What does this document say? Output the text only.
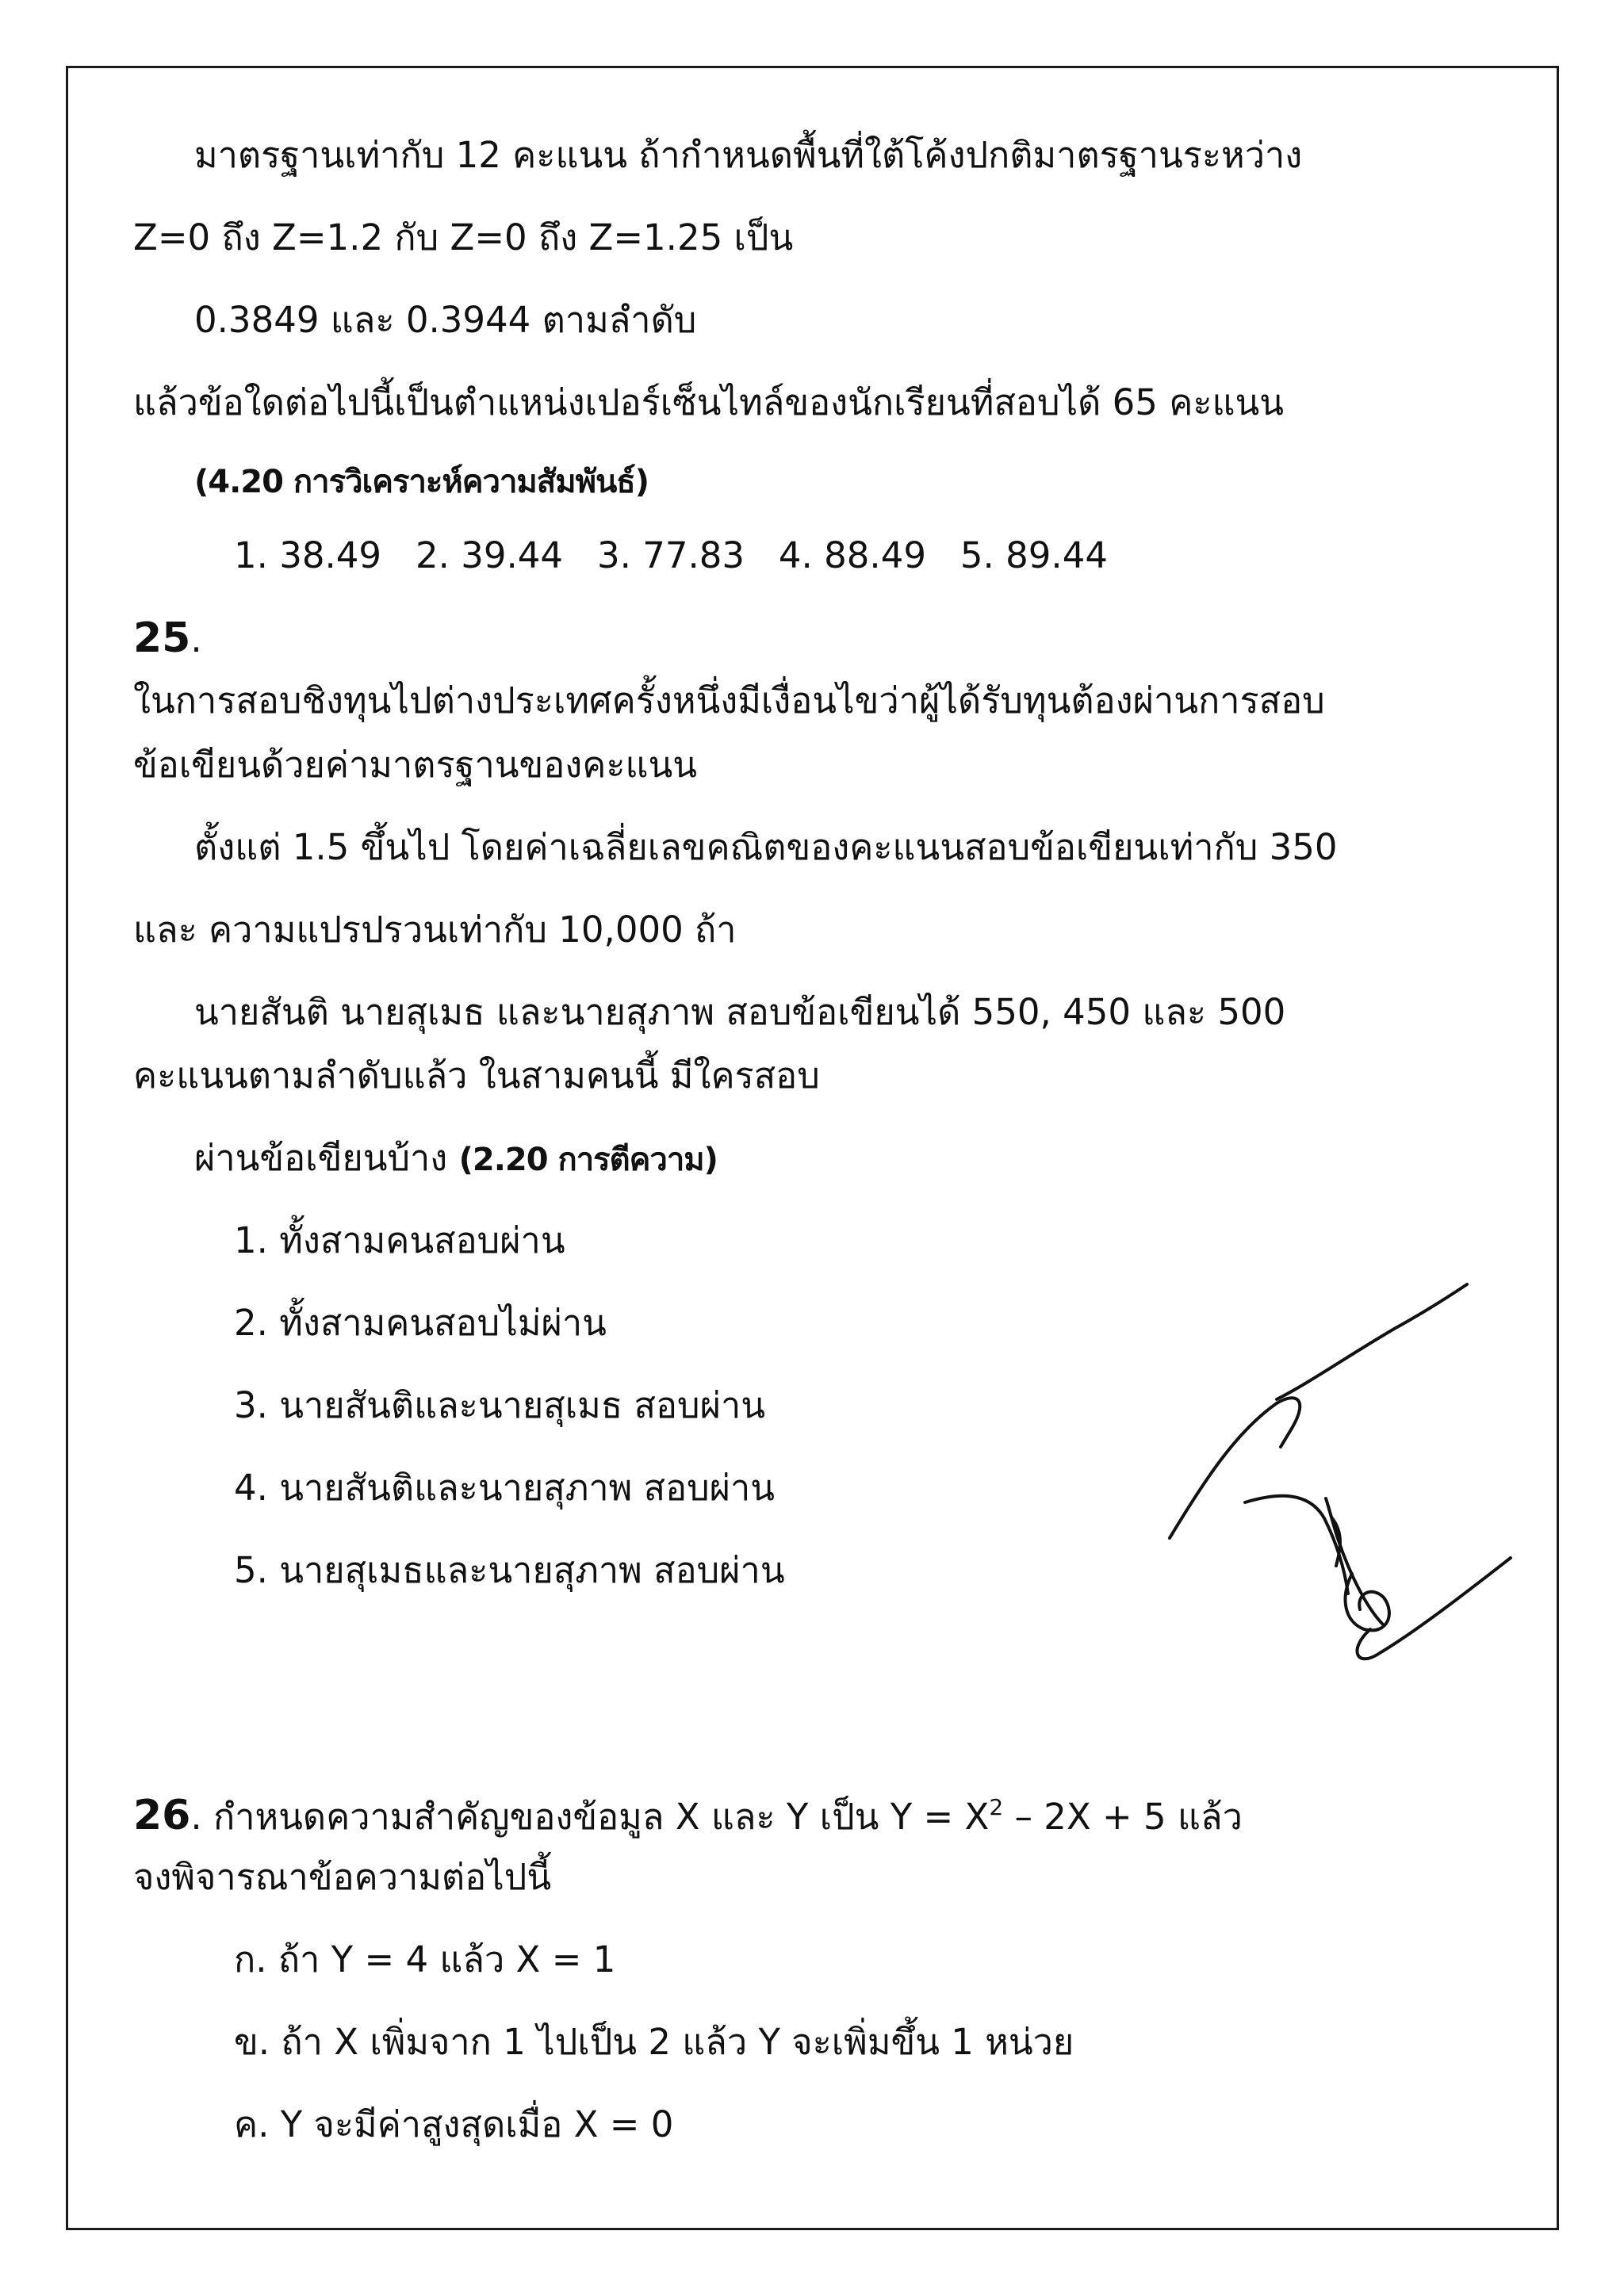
มาตรฐานเท่ากับ 12 คะแนน ถ้ากำหนดพื้นที่ใต้โค้งปกติมาตรฐานระหว่าง
Z=0 ถึง Z=1.2 กับ Z=0 ถึง Z=1.25 เป็น
0.3849 และ 0.3944 ตามลำดับ
แล้วข้อใดต่อไปนี้เป็นตำแหน่งเปอร์เซ็นไทล์ของนักเรียนที่สอบได้ 65 คะแนน
(4.20 การวิเคราะห์ความสัมพันธ์)
1. 38.49   2. 39.44   3. 77.83   4. 88.49   5. 89.44
25.
ในการสอบชิงทุนไปต่างประเทศครั้งหนึ่งมีเงื่อนไขว่าผู้ได้รับทุนต้องผ่านการสอบ
ข้อเขียนด้วยค่ามาตรฐานของคะแนน
ตั้งแต่ 1.5 ขึ้นไป โดยค่าเฉลี่ยเลขคณิตของคะแนนสอบข้อเขียนเท่ากับ 350
และ ความแปรปรวนเท่ากับ 10,000 ถ้า
นายสันติ นายสุเมธ และนายสุภาพ สอบข้อเขียนได้ 550, 450 และ 500
คะแนนตามลำดับแล้ว ในสามคนนี้ มีใครสอบ
ผ่านข้อเขียนบ้าง (2.20 การตีความ)
1. ทั้งสามคนสอบผ่าน
2. ทั้งสามคนสอบไม่ผ่าน
3. นายสันติและนายสุเมธ สอบผ่าน
4. นายสันติและนายสุภาพ สอบผ่าน
5. นายสุเมธและนายสุภาพ สอบผ่าน
26. กำหนดความสำคัญของข้อมูล X และ Y เป็น $Y = X^2 - 2X + 5$ แล้ว
จงพิจารณาข้อความต่อไปนี้
ก. ถ้า Y = 4 แล้ว X = 1
ข. ถ้า X เพิ่มจาก 1 ไปเป็น 2 แล้ว Y จะเพิ่มขึ้น 1 หน่วย
ค. Y จะมีค่าสูงสุดเมื่อ X = 0
